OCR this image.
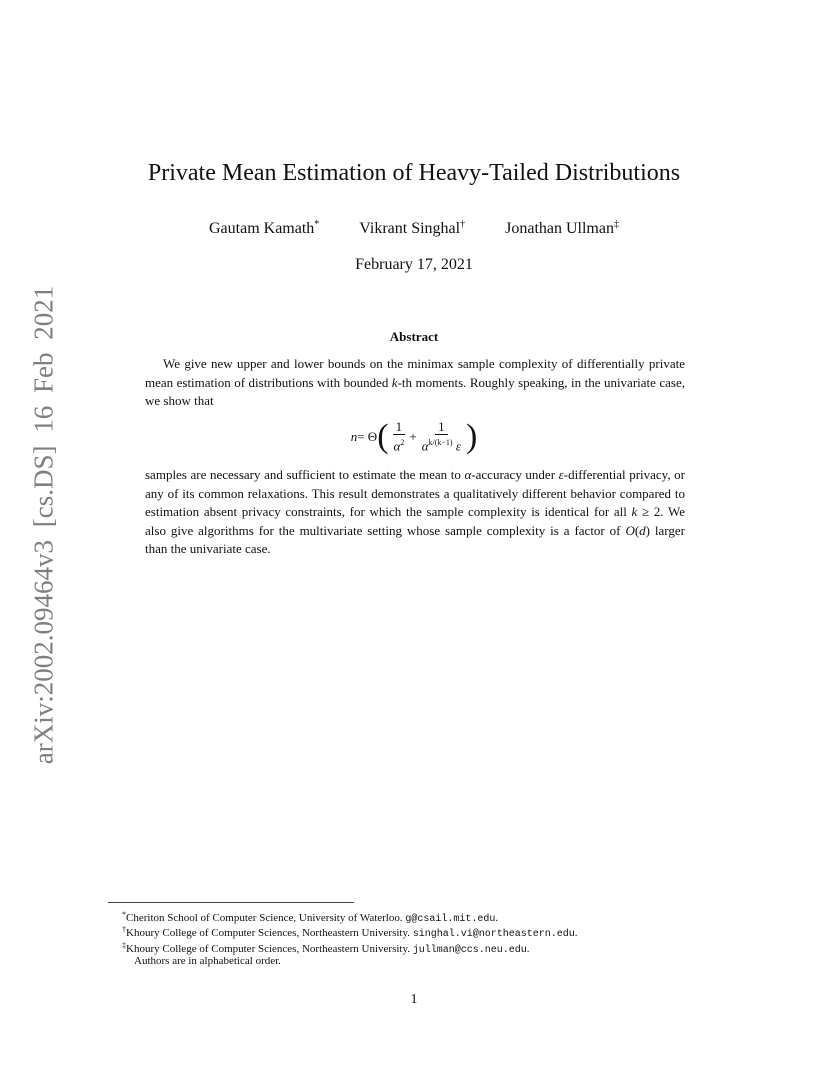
arXiv:2002.09464v3 [cs.DS] 16 Feb 2021
Private Mean Estimation of Heavy-Tailed Distributions
Gautam Kamath*	Vikrant Singhal†	Jonathan Ullman‡
February 17, 2021
Abstract
We give new upper and lower bounds on the minimax sample complexity of differentially private mean estimation of distributions with bounded k-th moments. Roughly speaking, in the univariate case, we show that
n = Θ ( $\frac{1}{\alpha^2} + \frac{1}{\alpha^{k/(k-1)} \varepsilon}$ )
samples are necessary and sufficient to estimate the mean to α-accuracy under ε-differential privacy, or any of its common relaxations. This result demonstrates a qualitatively different behavior compared to estimation absent privacy constraints, for which the sample complexity is identical for all k ≥ 2. We also give algorithms for the multivariate setting whose sample complexity is a factor of O(d) larger than the univariate case.
*Cheriton School of Computer Science, University of Waterloo. g@csail.mit.edu.
†Khoury College of Computer Sciences, Northeastern University. singhal.vi@northeastern.edu.
‡Khoury College of Computer Sciences, Northeastern University. jullman@ccs.neu.edu.
Authors are in alphabetical order.
1
